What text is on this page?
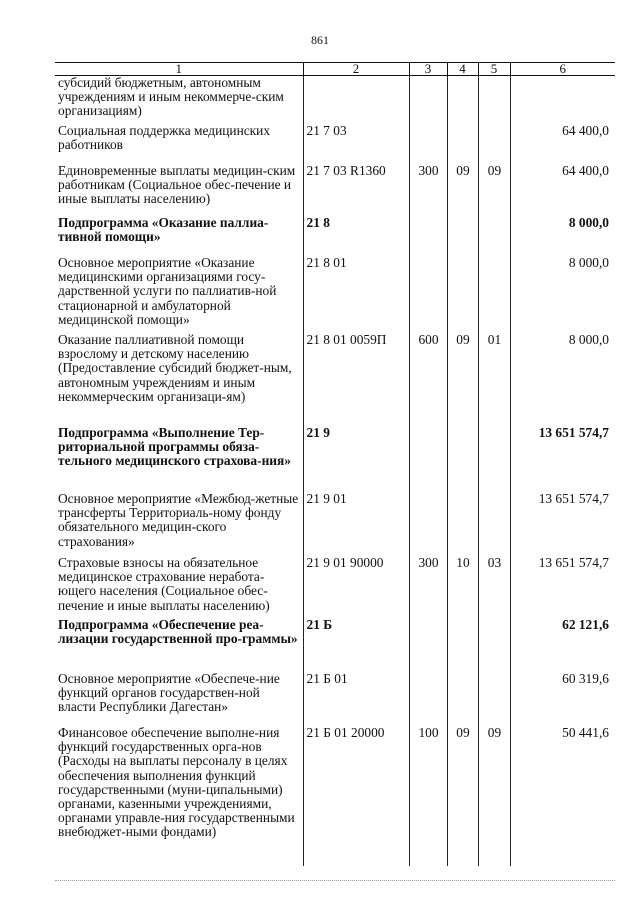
861
1	2	3	4	5	6
субсидий бюджетным, автономным учреждениям и иным некоммерче-ским организациям)					
Социальная поддержка медицинских работников	21 7 03				64 400,0
Единовременные выплаты медицин-ским работникам (Социальное обес-печение и иные выплаты населению)	21 7 03 R1360	300	09	09	64 400,0
Подпрограмма «Оказание паллиа-тивной помощи»	21 8				8 000,0
Основное мероприятие «Оказание медицинскими организациями госу-дарственной услуги по паллиатив-ной стационарной и амбулаторной медицинской помощи»	21 8 01				8 000,0
Оказание паллиативной помощи взрослому и детскому населению (Предоставление субсидий бюджет-ным, автономным учреждениям и иным некоммерческим организаци-ям)	21 8 01 0059П	600	09	01	8 000,0
Подпрограмма «Выполнение Тер-риториальной программы обяза-тельного медицинского страхова-ния»	21 9				13 651 574,7
Основное мероприятие «Межбюд-жетные трансферты Территориаль-ному фонду обязательного медицин-ского страхования»	21 9 01				13 651 574,7
Страховые взносы на обязательное медицинское страхование неработа-ющего населения (Социальное обес-печение и иные выплаты населению)	21 9 01 90000	300	10	03	13 651 574,7
Подпрограмма «Обеспечение реа-лизации государственной про-граммы»	21 Б				62 121,6
Основное мероприятие «Обеспече-ние функций органов государствен-ной власти Республики Дагестан»	21 Б 01				60 319,6
Финансовое обеспечение выполне-ния функций государственных орга-нов (Расходы на выплаты персоналу в целях обеспечения выполнения функций государственными (муни-ципальными) органами, казенными учреждениями, органами управле-ния государственными внебюджет-ными фондами)	21 Б 01 20000	100	09	09	50 441,6
